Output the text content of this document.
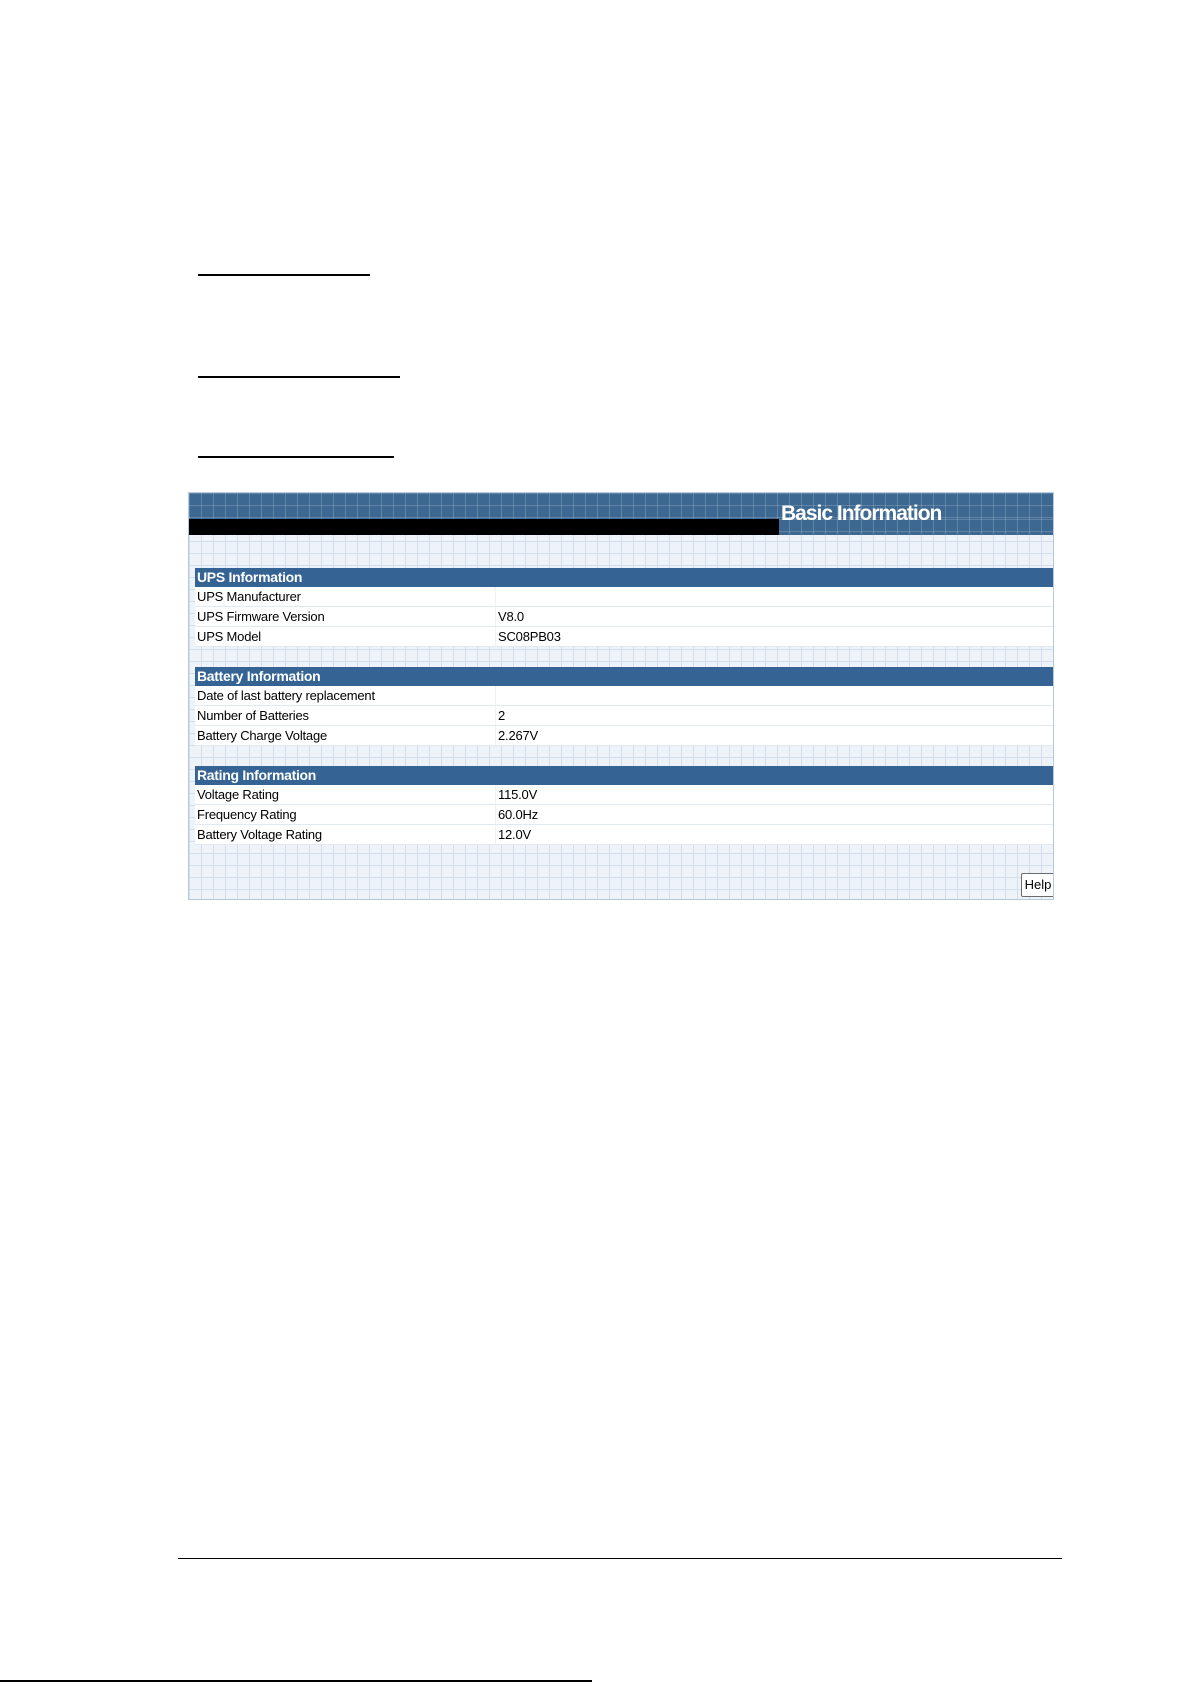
Basic Information
UPS Information
UPS Manufacturer
UPS Firmware Version	V8.0
UPS Model	SC08PB03
Battery Information
Date of last battery replacement
Number of Batteries	2
Battery Charge Voltage	2.267V
Rating Information
Voltage Rating	115.0V
Frequency Rating	60.0Hz
Battery Voltage Rating	12.0V
Help
